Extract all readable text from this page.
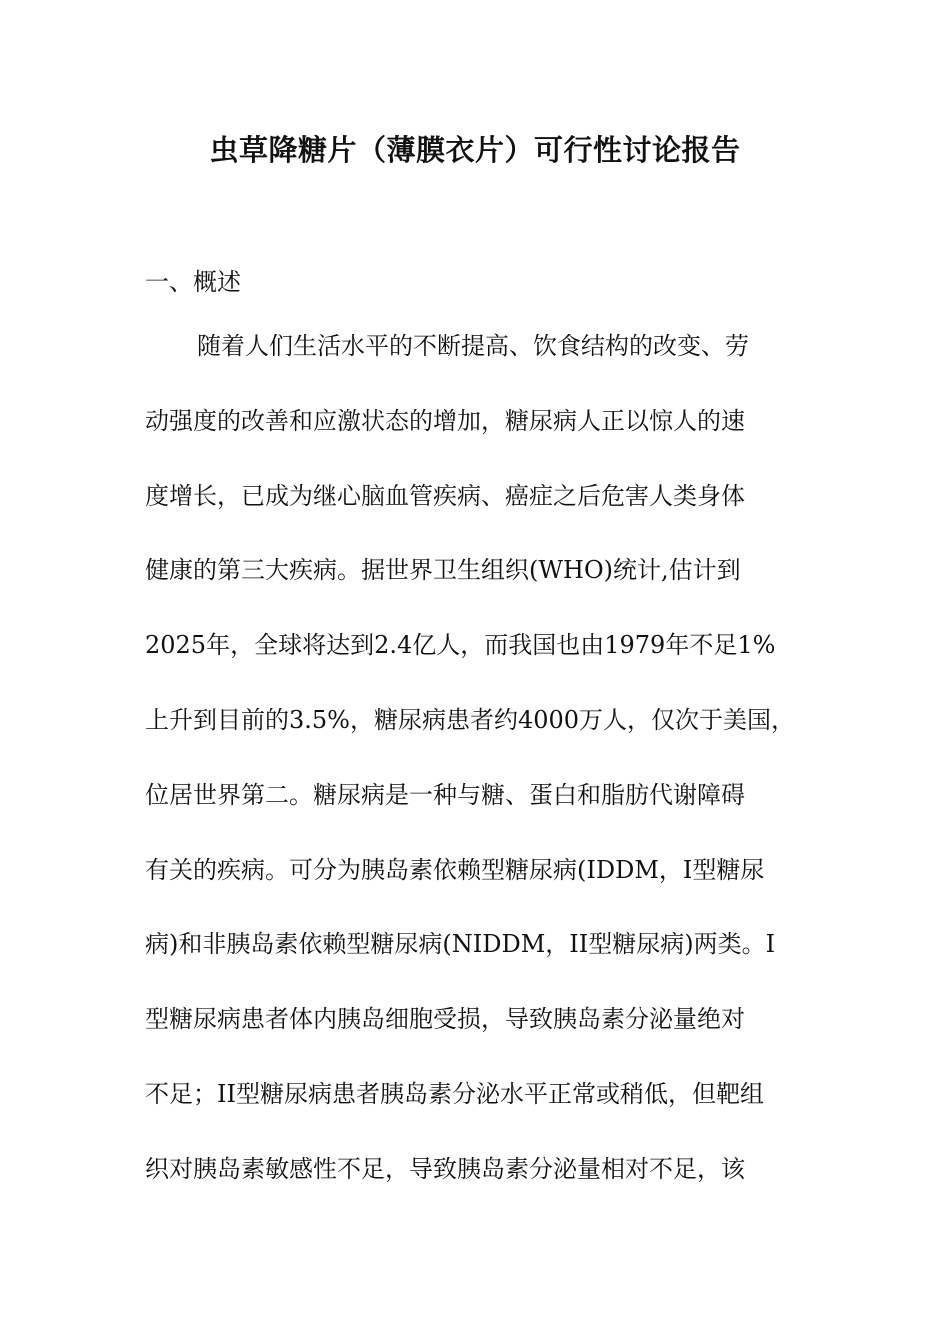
虫草降糖片（薄膜衣片）可行性讨论报告
一、概述
随着人们生活水平的不断提高、饮食结构的改变、劳
动强度的改善和应激状态的增加，糖尿病人正以惊人的速
度增长，已成为继心脑血管疾病、癌症之后危害人类身体
健康的第三大疾病。据世界卫生组织(WHO)统计,估计到
2025年，全球将达到2.4亿人，而我国也由1979年不足1%
上升到目前的3.5%，糖尿病患者约4000万人，仅次于美国，
位居世界第二。糖尿病是一种与糖、蛋白和脂肪代谢障碍
有关的疾病。可分为胰岛素依赖型糖尿病(IDDM，I型糖尿
病)和非胰岛素依赖型糖尿病(NIDDM，II型糖尿病)两类。I
型糖尿病患者体内胰岛细胞受损，导致胰岛素分泌量绝对
不足；II型糖尿病患者胰岛素分泌水平正常或稍低，但靶组
织对胰岛素敏感性不足，导致胰岛素分泌量相对不足，该
